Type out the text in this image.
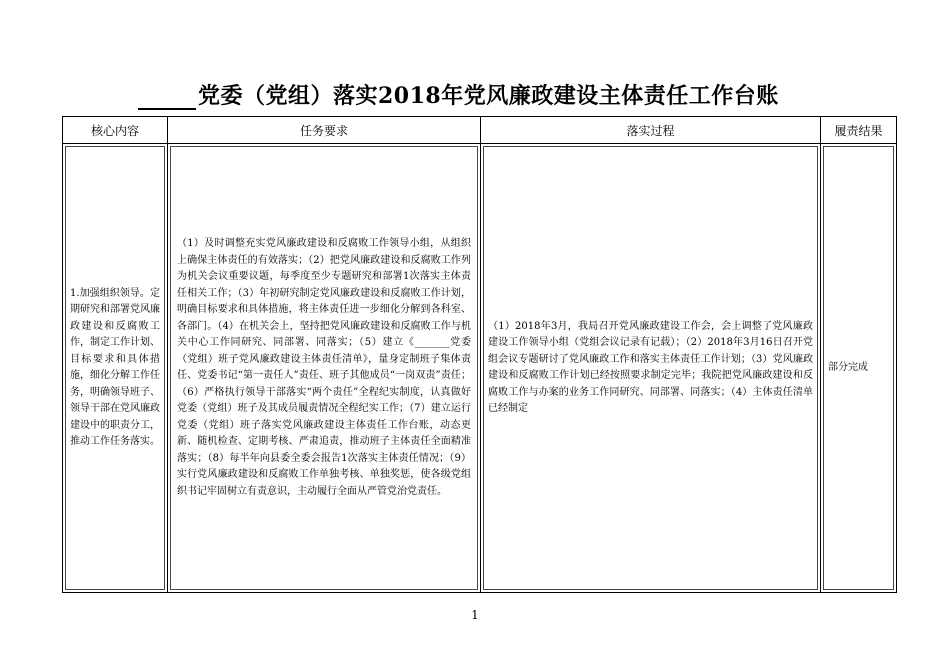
党委（党组）落实2018年党风廉政建设主体责任工作台账
核心内容	任务要求	落实过程	履责结果

1.加强组织领导。定期研究和部署党风廉政建设和反腐败工作，制定工作计划、目标要求和具体措施，细化分解工作任务，明确领导班子、领导干部在党风廉政建设中的职责分工，推动工作任务落实。	（1）及时调整充实党风廉政建设和反腐败工作领导小组，从组织上确保主体责任的有效落实；（2）把党风廉政建设和反腐败工作列为机关会议重要议题，每季度至少专题研究和部署1次落实主体责任相关工作；（3）年初研究制定党风廉政建设和反腐败工作计划，明确目标要求和具体措施，将主体责任进一步细化分解到各科室、各部门。（4）在机关会上，坚持把党风廉政建设和反腐败工作与机关中心工作同研究、同部署、同落实；（5）建立《_______党委（党组）班子党风廉政建设主体责任清单》，量身定制班子集体责任、党委书记“第一责任人”责任、班子其他成员“一岗双责”责任；（6）严格执行领导干部落实“两个责任”全程纪实制度，认真做好党委（党组）班子及其成员履责情况全程纪实工作；（7）建立运行党委（党组）班子落实党风廉政建设主体责任工作台账，动态更新、随机检查、定期考核、严肃追责，推动班子主体责任全面精准落实；（8）每半年向县委全委会报告1次落实主体责任情况；（9）实行党风廉政建设和反腐败工作单独考核、单独奖惩，使各级党组织书记牢固树立有责意识，主动履行全面从严管党治党责任。	（1）2018年3月，我局召开党风廉政建设工作会，会上调整了党风廉政建设工作领导小组（党组会议记录有记载）；（2）2018年3月16日召开党组会议专题研讨了党风廉政工作和落实主体责任工作计划；（3）党风廉政建设和反腐败工作计划已经按照要求制定完毕；我院把党风廉政建设和反腐败工作与办案的业务工作同研究、同部署、同落实；（4）主体责任清单已经制定	部分完成
1
